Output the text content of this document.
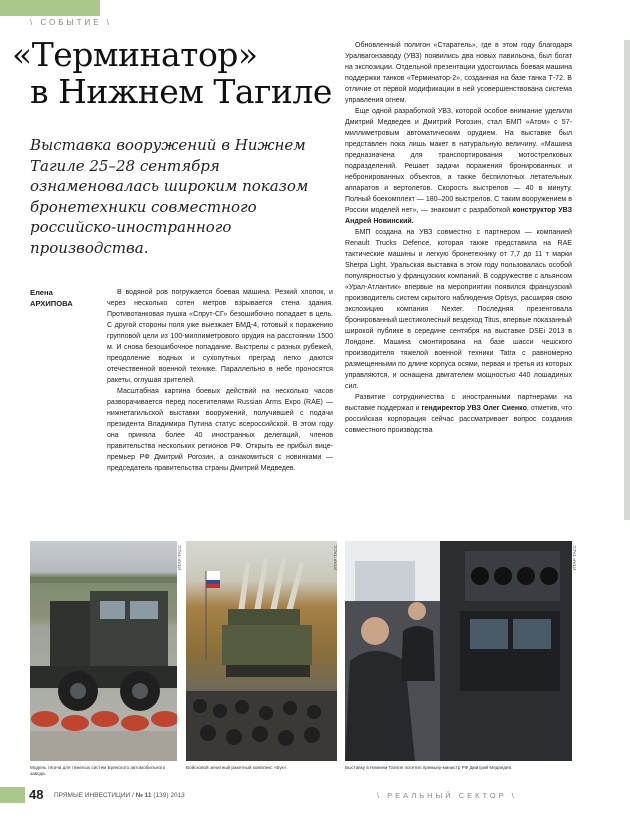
\ СОБЫТИЕ \
«Терминатор»
в Нижнем Тагиле
Выставка вооружений в Нижнем Тагиле 25–28 сентября ознаменовалась широким показом бронетехники совместного российско-иностранного производства.
Елена
АРХИПОВА

В водяной ров погружается боевая машина. Резкий хлопок, и через несколько сотен метров взрывается стена здания. Противотанковая пушка «Спрут-СГ» безошибочно попадает в цель. С другой стороны поля уже выезжает БМД-4, готовый к поражению групповой цели из 100-миллиметрового орудия на расстоянии 1500 м. И снова безошибочное попадание. Выстрелы с разных рубежей, преодоление водных и сухопутных преград легко даются отечественной военной технике. Параллельно в небе проносятся ракеты, оглушая зрителей.

Масштабная картина боевых действий на несколько часов разворачивается перед посетителями Russian Arms Expo (RAE) — нижнетагильской выставки вооружений, получившей с подачи президента Владимира Путина статус всероссийской. В этом году она приняла более 40 иностранных делегаций, членов правительства нескольких регионов РФ. Открыть ее прибыл вице-премьер РФ Дмитрий Рогозин, а ознакомиться с новинками — председатель правительства страны Дмитрий Медведев.

Обновленный полигон «Старатель», где в этом году благодаря Уралвагонзаводу (УВЗ) появились два новых павильона, был богат на экспозиции. Отдельной презентации удостоилась боевая машина поддержки танков «Терминатор-2», созданная на базе танка Т-72. В отличие от первой модификации в ней усовершенствована система управления огнем.

Еще одной разработкой УВЗ, которой особое внимание уделили Дмитрий Медведев и Дмитрий Рогозин, стал БМП «Атом» с 57-миллиметровым автоматическим орудием. На выставке был представлен пока лишь макет в натуральную величину. «Машина предназначена для транспортирования мотострелковых подразделений. Решает задачи поражения бронированных и небронированных объектов, а также беспилотных летательных аппаратов и вертолетов. Скорость выстрелов — 40 в минуту. Полный боекомплект — 180–200 выстрелов. С таким вооружением в России моделей нет», — знакомит с разработкой конструктор УВЗ Андрей Новинский.

БМП создана на УВЗ совместно с партнером — компанией Renault Trucks Defence, которая также представила на RAE тактические машины и легкую бронетехнику от 7,7 до 11 т марки Sherpa Light. Уральская выставка в этом году пользовалась особой популярностью у французских компаний. В содружестве с альянсом «Урал-Атлантик» впервые на мероприятии появился французский производитель систем скрытого наблюдения Optsys, расширяя свою экспозицию компания Nexter. Последняя презентовала бронированный шестиколесный вездеход Titus, впервые показанный широкой публике в середине сентября на выставке DSEi 2013 в Лондоне. Машина смонтирована на базе шасси чешского производителя тяжелой военной техники Tatra с равномерно размещенными по длине корпуса осями, первая и третья из которых управляются, и оснащена двигателем мощностью 440 лошадиных сил.

Развитие сотрудничества с иностранными партнерами на выставке поддержал и гендиректор УВЗ Олег Сиенко, отметив, что российская корпорация сейчас рассматривает вопрос создания совместного производства

ИТАР-ТАСС	ИТАР-ТАСС	ИТАР-ТАСС
Модель тягача для тяжелых систем Брянского автомобильного завода.
Войсковой зенитный ракетный комплекс «Бук».	Выставку в Нижнем Тагиле посетил премьер-министр РФ Дмитрий Медведев.
48 ПРЯМЫЕ ИНВЕСТИЦИИ / № 11 (139) 2013	\ РЕАЛЬНЫЙ СЕКТОР \
